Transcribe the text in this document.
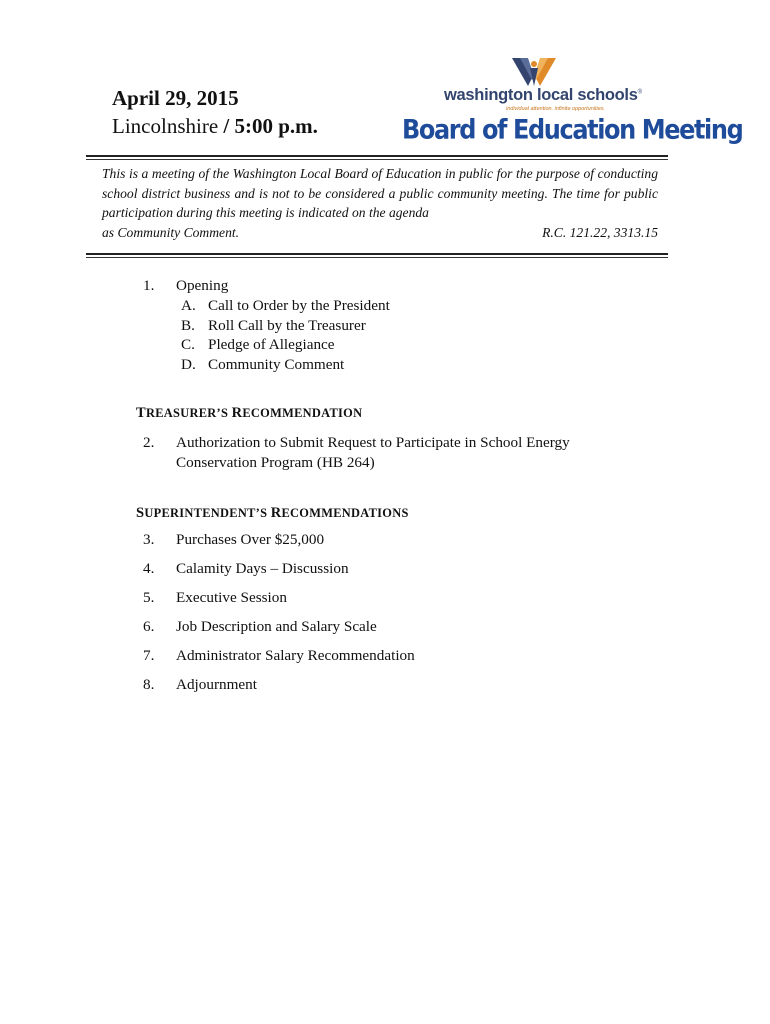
April 29, 2015
Lincolnshire / 5:00 p.m.
washington local schools®
individual attention. infinite opportunities.
Board of Education Meeting
This is a meeting of the Washington Local Board of Education in public for the purpose of conducting school district business and is not to be considered a public community meeting. The time for public participation during this meeting is indicated on the agenda
as Community Comment.	R.C. 121.22, 3313.15
1. Opening
A. Call to Order by the President
B. Roll Call by the Treasurer
C. Pledge of Allegiance
D. Community Comment
TREASURER’S RECOMMENDATION
2. Authorization to Submit Request to Participate in School Energy
Conservation Program (HB 264)
SUPERINTENDENT’S RECOMMENDATIONS
3. Purchases Over $25,000
4. Calamity Days – Discussion
5. Executive Session
6. Job Description and Salary Scale
7. Administrator Salary Recommendation
8. Adjournment
